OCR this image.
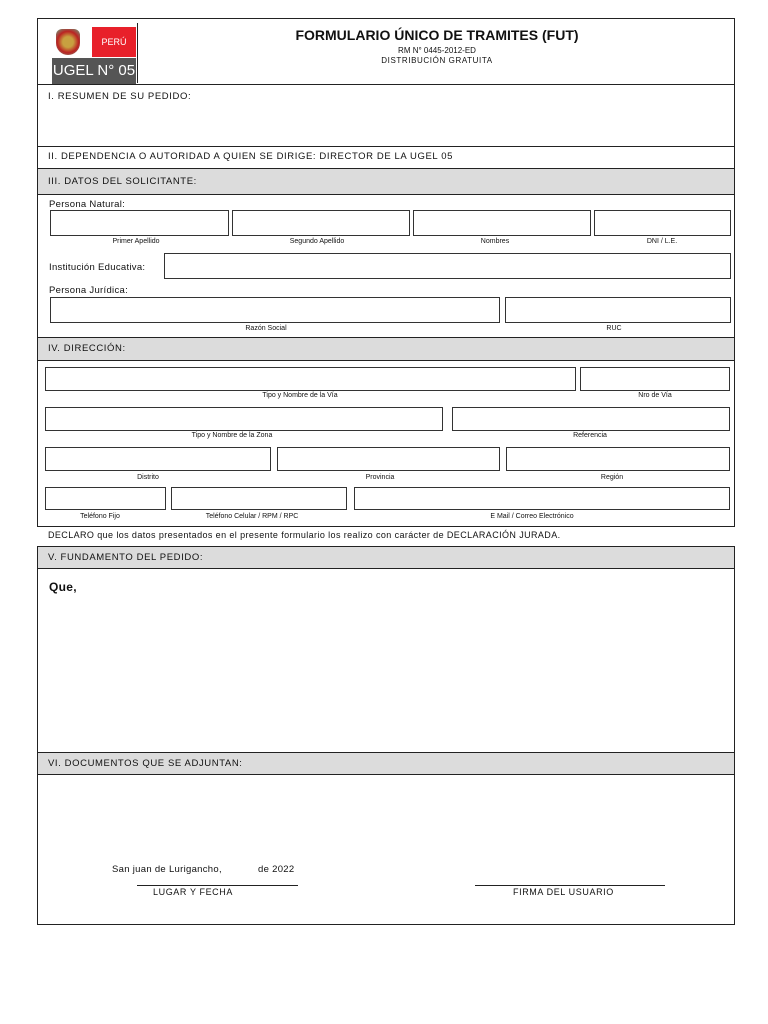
PERÚ
UGEL N° 05
FORMULARIO ÚNICO DE TRAMITES (FUT)
RM N° 0445-2012-ED
DISTRIBUCIÓN GRATUITA
I. RESUMEN DE SU PEDIDO:
II. DEPENDENCIA O AUTORIDAD A QUIEN SE DIRIGE: DIRECTOR DE LA UGEL 05
III. DATOS DEL SOLICITANTE:
Persona Natural:
Primer Apellido	Segundo Apellido	Nombres	DNI / L.E.
Institución Educativa:
Persona Jurídica:
Razón Social	RUC
IV. DIRECCIÓN:
Tipo y Nombre de la Vía	Nro de Vía
Tipo y Nombre de la Zona	Referencia
Distrito	Provincia	Región
Teléfono Fijo	Teléfono Celular / RPM / RPC	E Mail / Correo Electrónico
DECLARO que los datos presentados en el presente formulario los realizo con carácter de DECLARACIÓN JURADA.
V. FUNDAMENTO DEL PEDIDO:
Que,
VI. DOCUMENTOS QUE SE ADJUNTAN:
San juan de Lurigancho,	de 2022
LUGAR Y FECHA	FIRMA DEL USUARIO
